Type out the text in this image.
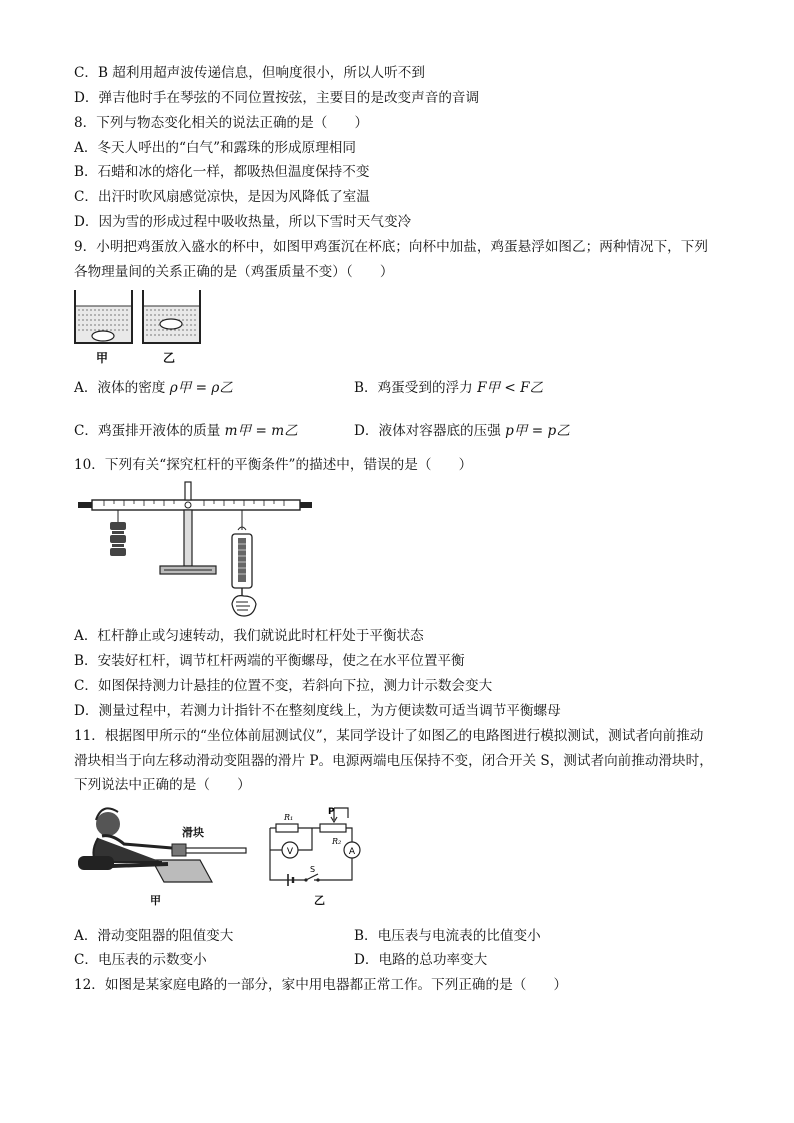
C．B 超利用超声波传递信息，但响度很小，所以人听不到
D．弹吉他时手在琴弦的不同位置按弦，主要目的是改变声音的音调
8．下列与物态变化相关的说法正确的是（　　）
A．冬天人呼出的“白气”和露珠的形成原理相同
B．石蜡和冰的熔化一样，都吸热但温度保持不变
C．出汗时吹风扇感觉凉快，是因为风降低了室温
D．因为雪的形成过程中吸收热量，所以下雪时天气变冷
9．小明把鸡蛋放入盛水的杯中，如图甲鸡蛋沉在杯底；向杯中加盐，鸡蛋悬浮如图乙；两种情况下，下列
各物理量间的关系正确的是（鸡蛋质量不变）（　　）
甲	乙
A．液体的密度 ρ甲 = ρ乙	B．鸡蛋受到的浮力 F甲 < F乙
C．鸡蛋排开液体的质量 m甲 = m乙	D．液体对容器底的压强 p甲 = p乙
10．下列有关“探究杠杆的平衡条件”的描述中，错误的是（　　）
A．杠杆静止或匀速转动，我们就说此时杠杆处于平衡状态
B．安装好杠杆，调节杠杆两端的平衡螺母，使之在水平位置平衡
C．如图保持测力计悬挂的位置不变，若斜向下拉，测力计示数会变大
D．测量过程中，若测力计指针不在整刻度线上，为方便读数可适当调节平衡螺母
11．根据图甲所示的“坐位体前屈测试仪”，某同学设计了如图乙的电路图进行模拟测试，测试者向前推动
滑块相当于向左移动滑动变阻器的滑片 P。电源两端电压保持不变，闭合开关 S，测试者向前推动滑块时，
下列说法中正确的是（　　）
滑块
甲
V	A
R₁
P
R₂
S
乙
A．滑动变阻器的阻值变大	B．电压表与电流表的比值变小
C．电压表的示数变小	D．电路的总功率变大
12．如图是某家庭电路的一部分，家中用电器都正常工作。下列正确的是（　　）
